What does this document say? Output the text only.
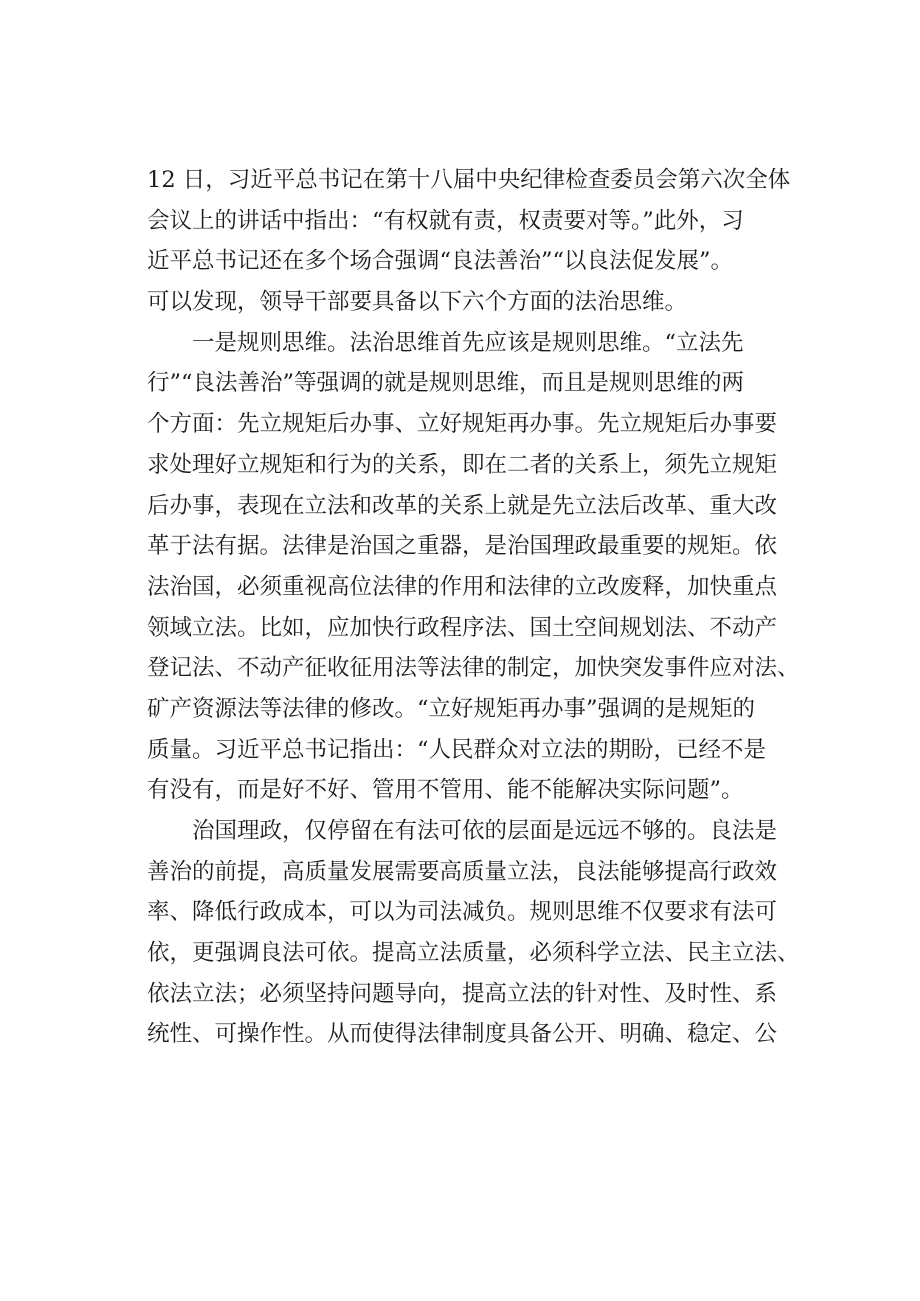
12 日，习近平总书记在第十八届中央纪律检查委员会第六次全体
会议上的讲话中指出：“有权就有责，权责要对等。”此外，习
近平总书记还在多个场合强调“良法善治”“以良法促发展”。
可以发现，领导干部要具备以下六个方面的法治思维。
　　一是规则思维。法治思维首先应该是规则思维。“立法先
行”“良法善治”等强调的就是规则思维，而且是规则思维的两
个方面：先立规矩后办事、立好规矩再办事。先立规矩后办事要
求处理好立规矩和行为的关系，即在二者的关系上，须先立规矩
后办事，表现在立法和改革的关系上就是先立法后改革、重大改
革于法有据。法律是治国之重器，是治国理政最重要的规矩。依
法治国，必须重视高位法律的作用和法律的立改废释，加快重点
领域立法。比如，应加快行政程序法、国土空间规划法、不动产
登记法、不动产征收征用法等法律的制定，加快突发事件应对法、
矿产资源法等法律的修改。“立好规矩再办事”强调的是规矩的
质量。习近平总书记指出：“人民群众对立法的期盼，已经不是
有没有，而是好不好、管用不管用、能不能解决实际问题”。
　　治国理政，仅停留在有法可依的层面是远远不够的。良法是
善治的前提，高质量发展需要高质量立法，良法能够提高行政效
率、降低行政成本，可以为司法减负。规则思维不仅要求有法可
依，更强调良法可依。提高立法质量，必须科学立法、民主立法、
依法立法；必须坚持问题导向，提高立法的针对性、及时性、系
统性、可操作性。从而使得法律制度具备公开、明确、稳定、公
